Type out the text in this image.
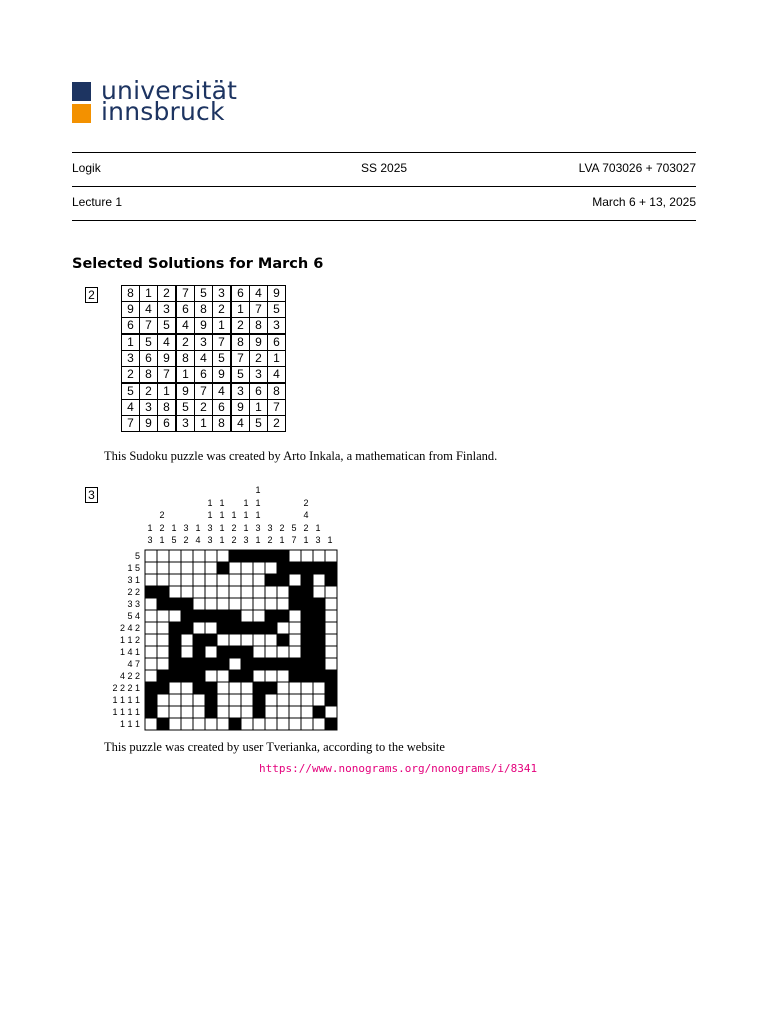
universität
innsbruck
Logik	SS 2025	LVA 703026 + 703027
Lecture 1	March 6 + 13, 2025
Selected Solutions for March 6
2	8	1	2	7	5	3	6	4	9
9	4	3	6	8	2	1	7	5
6	7	5	4	9	1	2	8	3
1	5	4	2	3	7	8	9	6
3	6	9	8	4	5	7	2	1
2	8	7	1	6	9	5	3	4
5	2	1	9	7	4	3	6	8
4	3	8	5	2	6	9	1	7
7	9	6	3	1	8	4	5	2
This Sudoku puzzle was created by Arto Inkala, a mathematican from Finland.
3
1
3
2
2
1
1
5
3
2
1
4
1
1
3
3
1
1
1
1
1
2
2
1
1
1
3
1
1
1
3
1
3
2
2
1
5
7
2
4
2
1
1
3 1
5
1 5
3 1
2 2
3 3
5 4
2 4 2
1 1 2
1 4 1
4 7
4 2 2
2 2 2 1
1 1 1 1
1 1 1 1
1 1 1
This puzzle was created by user Tverianka, according to the website
https://www.nonograms.org/nonograms/i/8341
